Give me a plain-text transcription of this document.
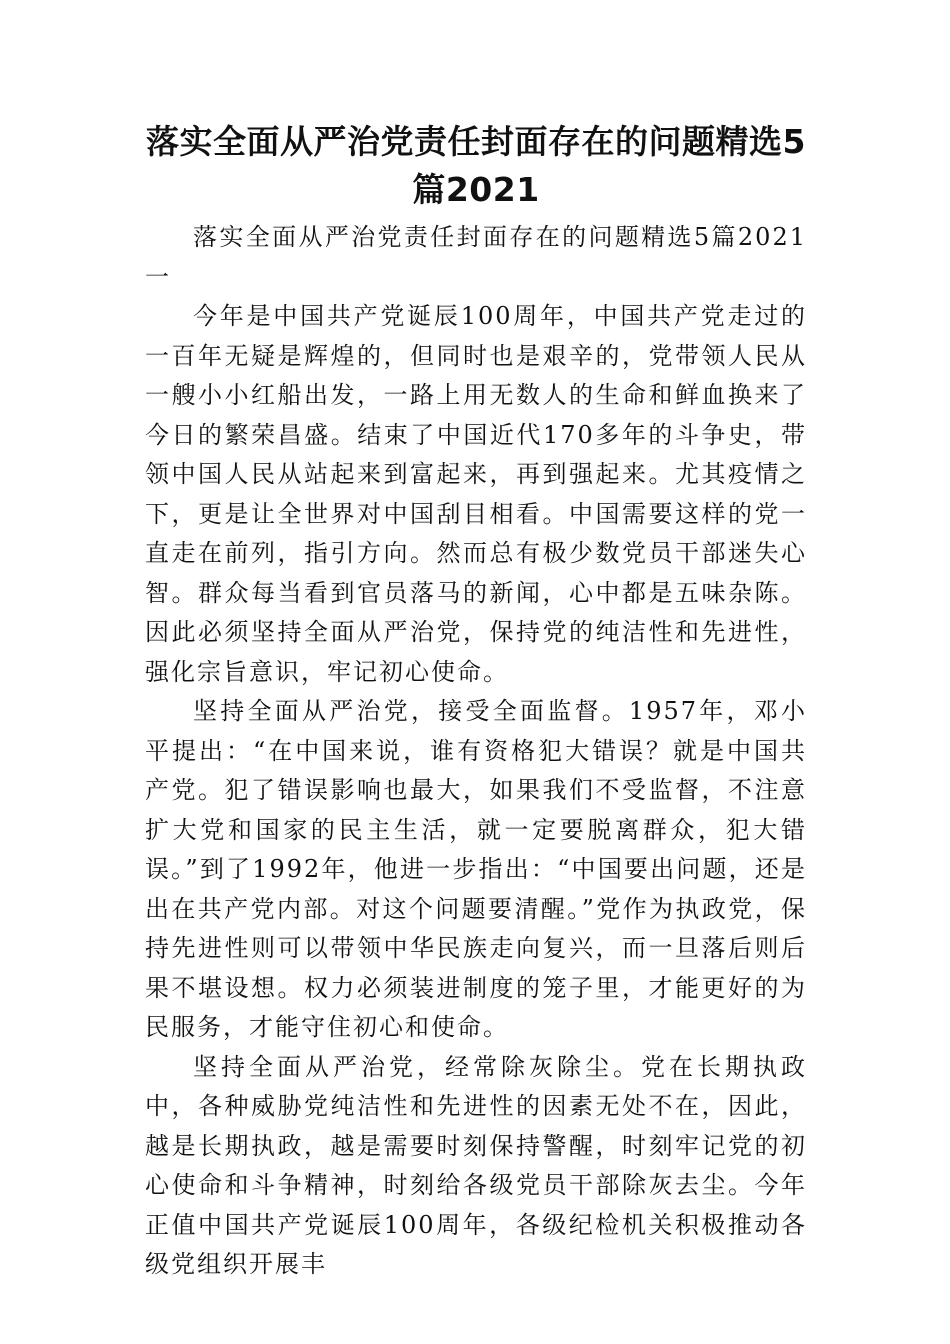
落实全面从严治党责任封面存在的问题精选5篇2021

落实全面从严治党责任封面存在的问题精选5篇2021一

今年是中国共产党诞辰100周年，中国共产党走过的一百年无疑是辉煌的，但同时也是艰辛的，党带领人民从一艘小小红船出发，一路上用无数人的生命和鲜血换来了今日的繁荣昌盛。结束了中国近代170多年的斗争史，带领中国人民从站起来到富起来，再到强起来。尤其疫情之下，更是让全世界对中国刮目相看。中国需要这样的党一直走在前列，指引方向。然而总有极少数党员干部迷失心智。群众每当看到官员落马的新闻，心中都是五味杂陈。因此必须坚持全面从严治党，保持党的纯洁性和先进性，强化宗旨意识，牢记初心使命。

坚持全面从严治党，接受全面监督。1957年，邓小平提出：“在中国来说，谁有资格犯大错误？就是中国共产党。犯了错误影响也最大，如果我们不受监督，不注意扩大党和国家的民主生活，就一定要脱离群众，犯大错误。”到了1992年，他进一步指出：“中国要出问题，还是出在共产党内部。对这个问题要清醒。”党作为执政党，保持先进性则可以带领中华民族走向复兴，而一旦落后则后果不堪设想。权力必须装进制度的笼子里，才能更好的为民服务，才能守住初心和使命。

坚持全面从严治党，经常除灰除尘。党在长期执政中，各种威胁党纯洁性和先进性的因素无处不在，因此，越是长期执政，越是需要时刻保持警醒，时刻牢记党的初心使命和斗争精神，时刻给各级党员干部除灰去尘。今年正值中国共产党诞辰100周年，各级纪检机关积极推动各级党组织开展丰
